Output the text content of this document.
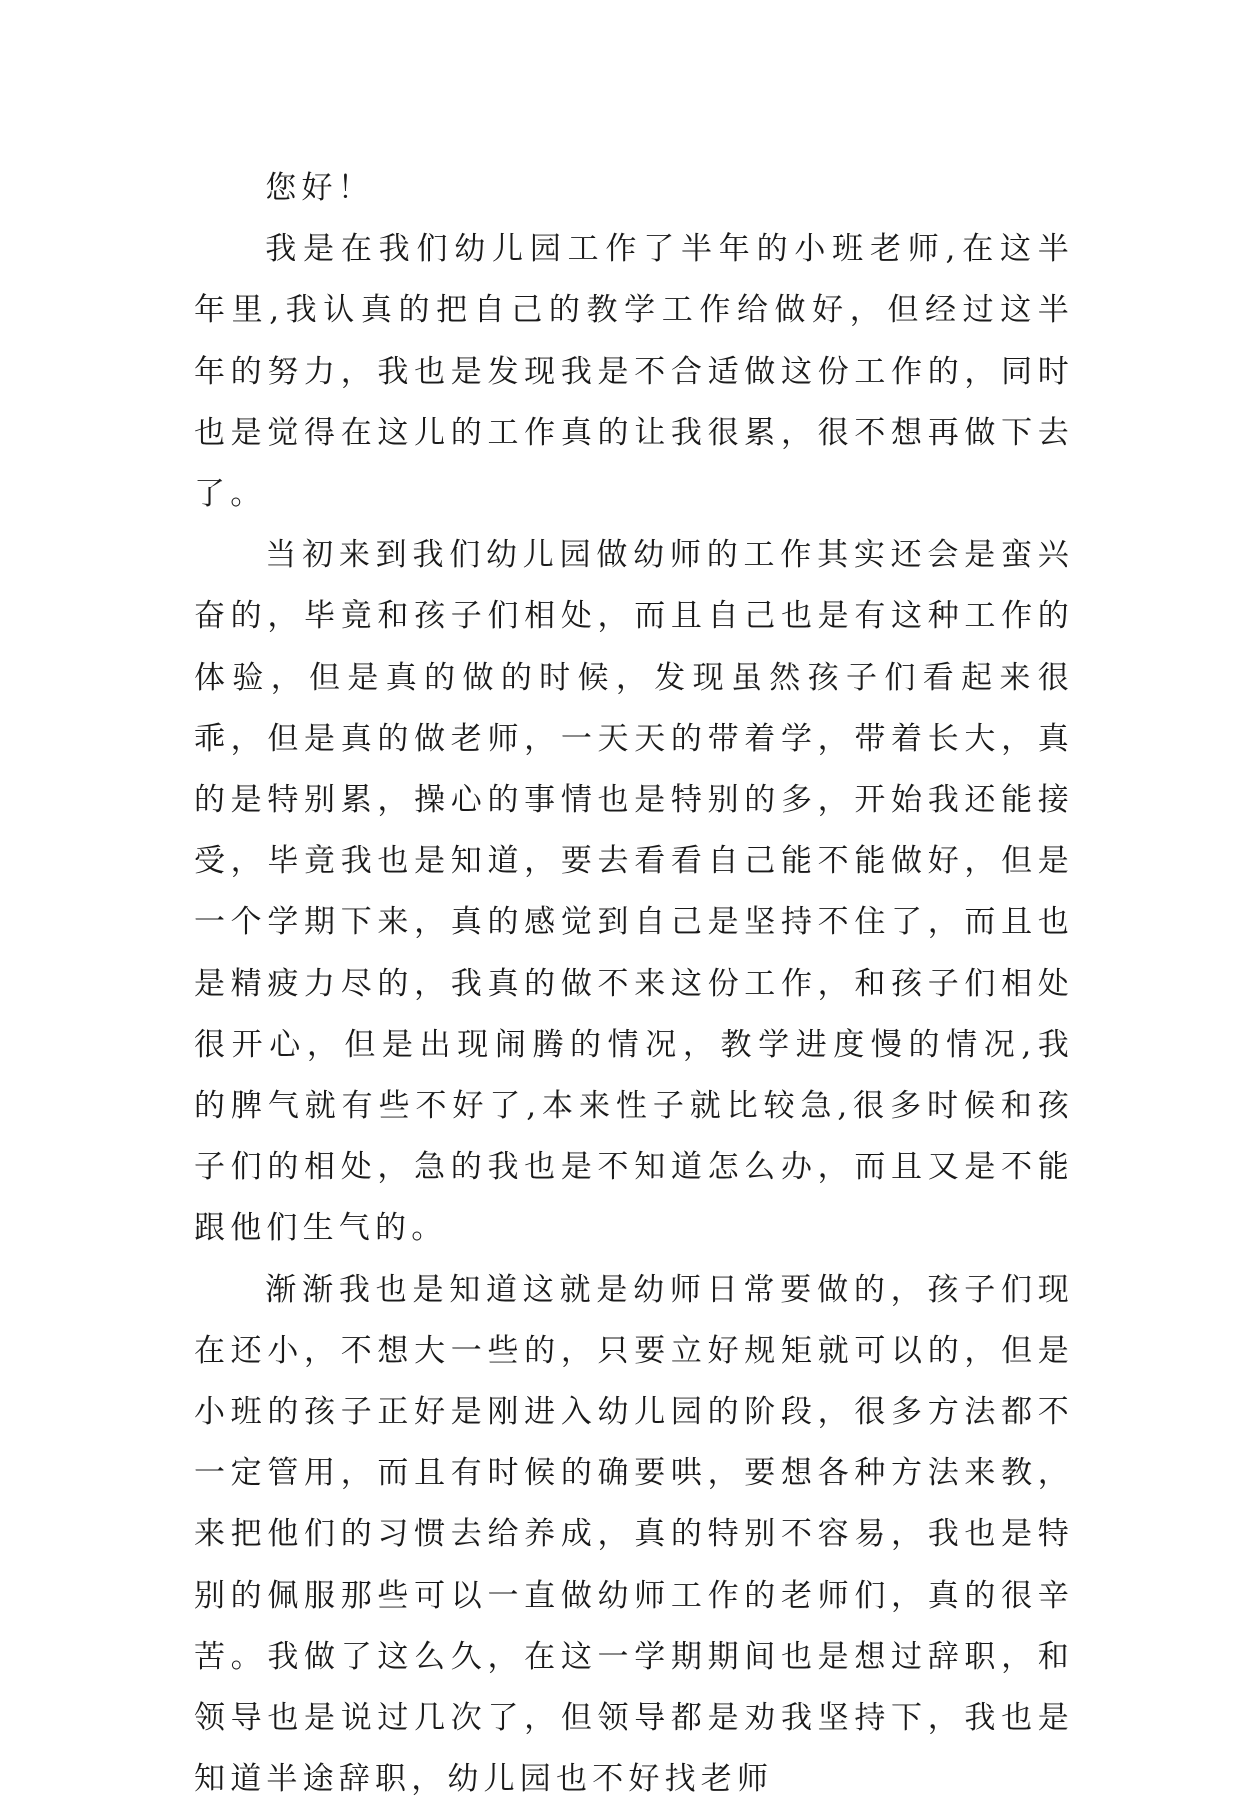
您好！

我是在我们幼儿园工作了半年的小班老师,在这半年里,我认真的把自己的教学工作给做好，但经过这半年的努力，我也是发现我是不合适做这份工作的，同时也是觉得在这儿的工作真的让我很累，很不想再做下去了。

当初来到我们幼儿园做幼师的工作其实还会是蛮兴奋的，毕竟和孩子们相处，而且自己也是有这种工作的体验，但是真的做的时候，发现虽然孩子们看起来很乖，但是真的做老师，一天天的带着学，带着长大，真的是特别累，操心的事情也是特别的多，开始我还能接受，毕竟我也是知道，要去看看自己能不能做好，但是一个学期下来，真的感觉到自己是坚持不住了，而且也是精疲力尽的，我真的做不来这份工作，和孩子们相处很开心，但是出现闹腾的情况，教学进度慢的情况,我的脾气就有些不好了,本来性子就比较急,很多时候和孩子们的相处，急的我也是不知道怎么办，而且又是不能跟他们生气的。

渐渐我也是知道这就是幼师日常要做的，孩子们现在还小，不想大一些的，只要立好规矩就可以的，但是小班的孩子正好是刚进入幼儿园的阶段，很多方法都不一定管用，而且有时候的确要哄，要想各种方法来教，来把他们的习惯去给养成，真的特别不容易，我也是特别的佩服那些可以一直做幼师工作的老师们，真的很辛苦。我做了这么久，在这一学期期间也是想过辞职，和领导也是说过几次了，但领导都是劝我坚持下，我也是知道半途辞职，幼儿园也不好找老师
